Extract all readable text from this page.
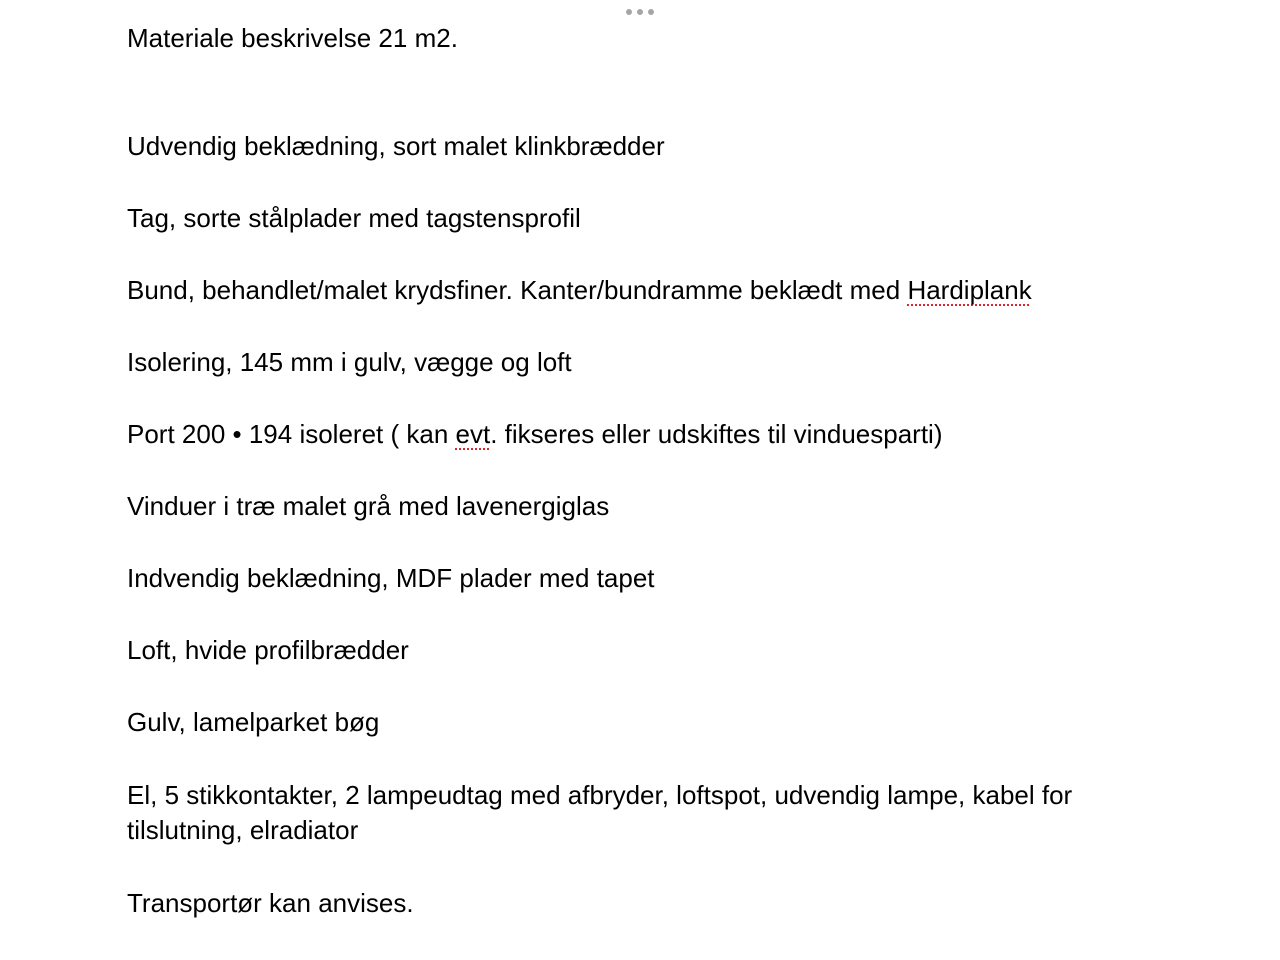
Materiale beskrivelse 21 m2.
Udvendig beklædning, sort malet klinkbrædder
Tag, sorte stålplader med tagstensprofil
Bund, behandlet/malet krydsfiner. Kanter/bundramme beklædt med Hardiplank
Isolering, 145 mm i gulv, vægge og loft
Port 200 • 194 isoleret ( kan evt. fikseres eller udskiftes til vinduesparti)
Vinduer i træ malet grå med lavenergiglas
Indvendig beklædning, MDF plader med tapet
Loft, hvide profilbrædder
Gulv, lamelparket bøg
El, 5 stikkontakter, 2 lampeudtag med afbryder, loftspot, udvendig lampe, kabel for tilslutning, elradiator
Transportør kan anvises.
